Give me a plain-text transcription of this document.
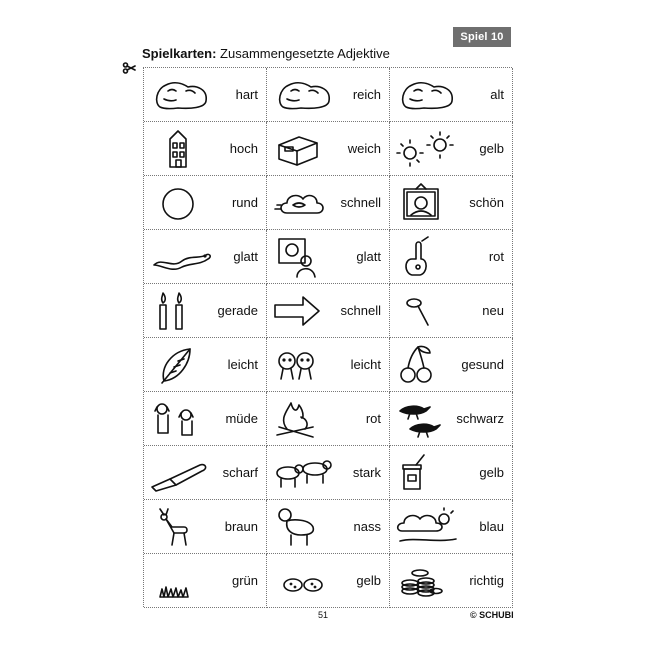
Spiel 10
Spielkarten: Zusammengesetzte Adjektive
hart	reich	alt
hoch	weich	gelb
rund	schnell	schön
glatt	glatt	rot
gerade	schnell	neu
leicht	leicht	gesund
müde	rot	schwarz
scharf	stark	gelb
braun	nass	blau
grün	gelb	richtig
51	© SCHUBI
